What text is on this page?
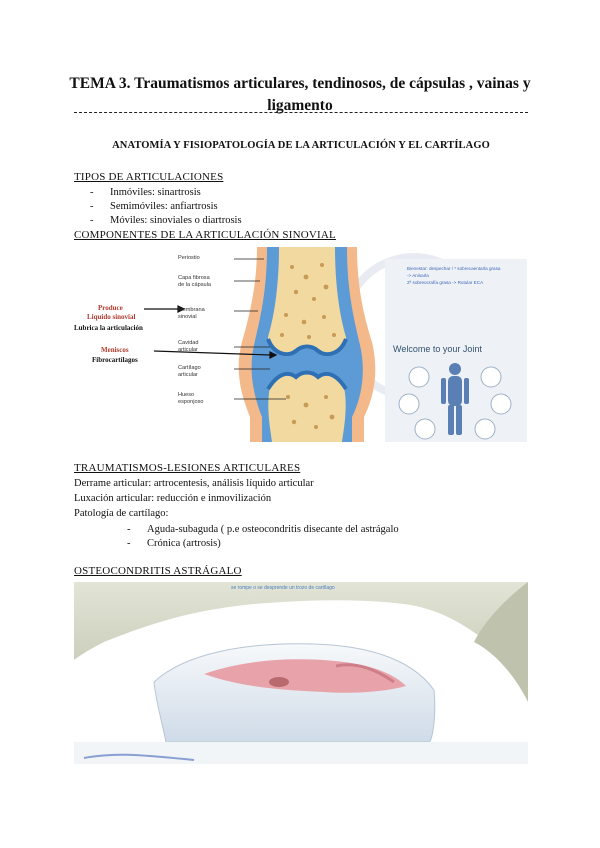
TEMA 3. Traumatismos articulares, tendinosos, de cápsulas , vainas y ligamento
ANATOMÍA Y FISIOPATOLOGÍA DE LA ARTICULACIÓN Y EL CARTÍLAGO

TIPOS DE ARTICULACIONES

- Inmóviles: sinartrosis
- Semimóviles: anfiartrosis
- Móviles: sinoviales o diartrosis

COMPONENTES DE LA ARTICULACIÓN SINOVIAL

Produce
Liquido sinovial
Lubrica la articulación
Meniscos
Fibrocartílagos
Periostio
Capa fibrosa
de la cápsula
Membrana
sinovial
Cavidad
articular
Cartílago
articular
Hueso
esponjoso
Bienestar: despechar / * sobrecaentarla grasa
-> Anisarla
2ª sobreocrafía grasa -> Rotular ECA
Welcome to your Joint

TRAUMATISMOS-LESIONES ARTICULARES

Derrame articular: artrocentesis, análisis líquido articular

Luxación articular: reducción e inmovilización

Patología de cartílago:

- Aguda-subaguda ( p.e osteocondritis disecante del astrágalo
- Crónica (artrosis)

OSTEOCONDRITIS ASTRÁGALO

se rompe o se desprende un trozo de cartílago
